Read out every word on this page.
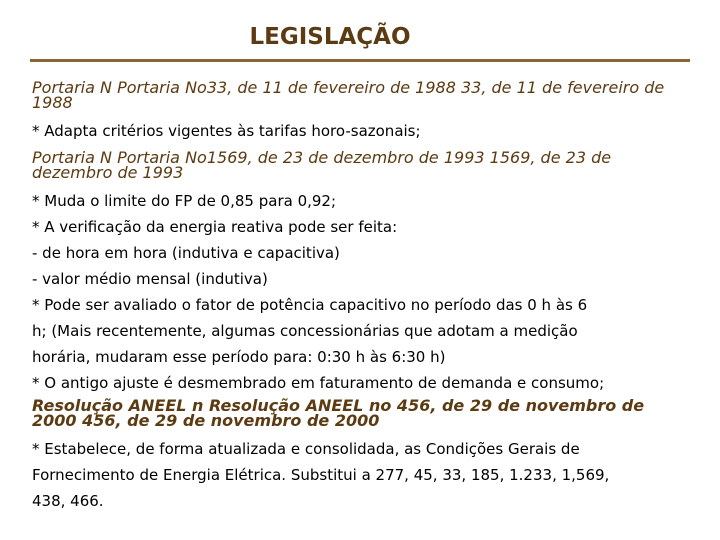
LEGISLAÇÃO
Portaria N Portaria No33, de 11 de fevereiro de 1988 33, de 11 de fevereiro de 1988
* Adapta critérios vigentes às tarifas horo-sazonais;
Portaria N Portaria No1569, de 23 de dezembro de 1993 1569, de 23 de dezembro de 1993
* Muda o limite do FP de 0,85 para 0,92;
* A verificação da energia reativa pode ser feita:
- de hora em hora (indutiva e capacitiva)
- valor médio mensal (indutiva)
* Pode ser avaliado o fator de potência capacitivo no período das 0 h às 6
h; (Mais recentemente, algumas concessionárias que adotam a medição
horária, mudaram esse período para: 0:30 h às 6:30 h)
* O antigo ajuste é desmembrado em faturamento de demanda e consumo;
Resolução ANEEL n Resolução ANEEL no 456, de 29 de novembro de 2000 456, de 29 de novembro de 2000
* Estabelece, de forma atualizada e consolidada, as Condições Gerais de
Fornecimento de Energia Elétrica. Substitui a 277, 45, 33, 185, 1.233, 1,569,
438, 466.
